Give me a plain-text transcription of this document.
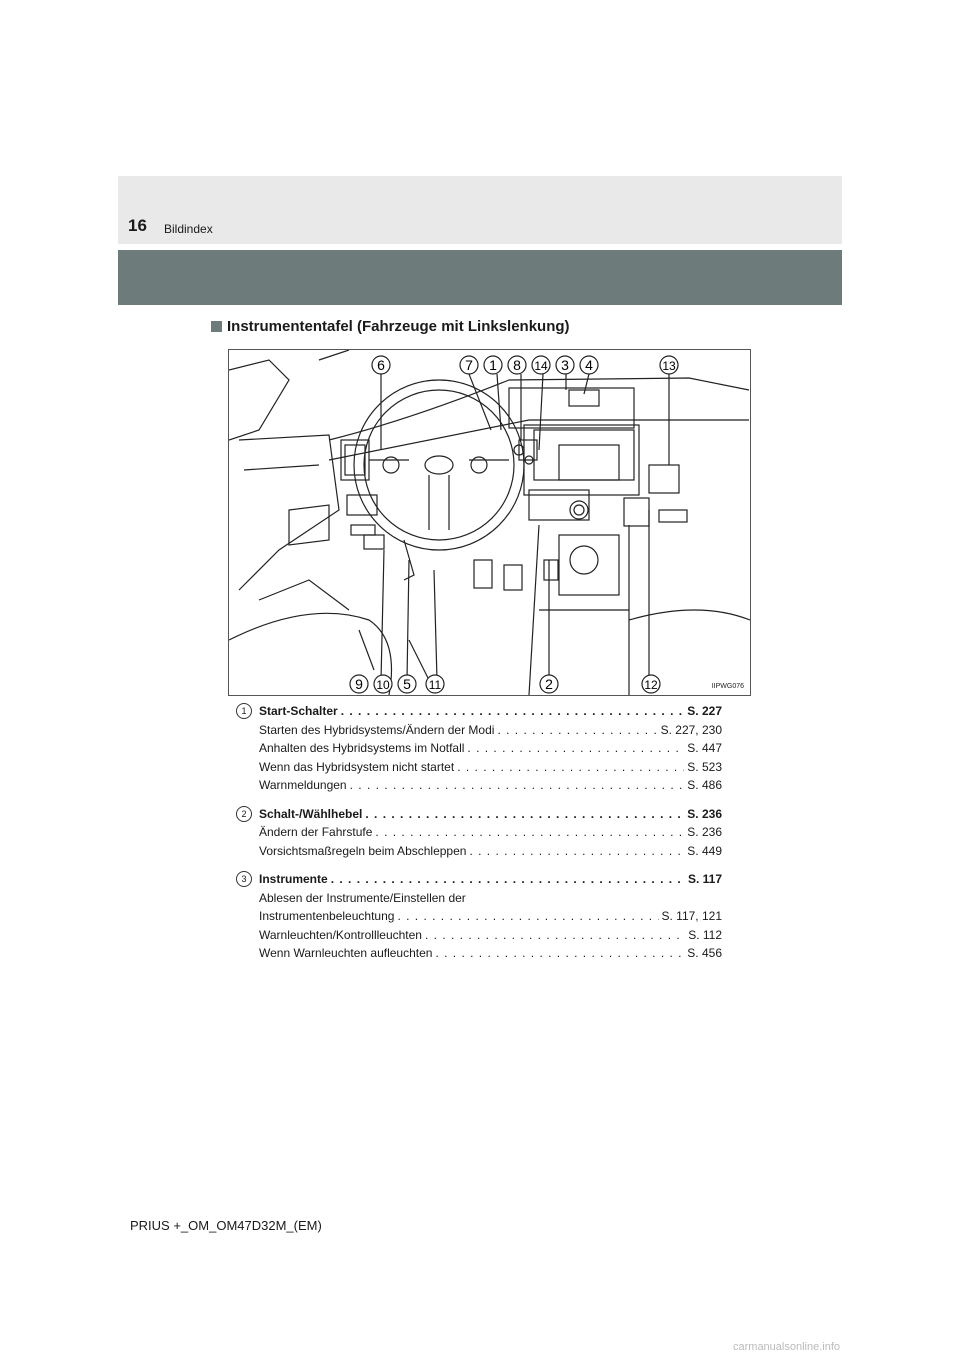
16 Bildindex
Instrumententafel (Fahrzeuge mit Linkslenkung)
6	7 1 8 14 3 4	13
9 10 5 11	2	12	IIPWG076
1	Start-Schalter . . .	S. 227
Starten des Hybridsystems/Ändern der Modi . . .	S. 227, 230
Anhalten des Hybridsystems im Notfall . . .	S. 447
Wenn das Hybridsystem nicht startet . . .	S. 523
Warnmeldungen . . .	S. 486
2	Schalt-/Wählhebel . . .	S. 236
Ändern der Fahrstufe . . .	S. 236
Vorsichtsmaßregeln beim Abschleppen . . .	S. 449
3	Instrumente . . .	S. 117
Ablesen der Instrumente/Einstellen der
Instrumentenbeleuchtung . . .	S. 117, 121
Warnleuchten/Kontrollleuchten . . .	S. 112
Wenn Warnleuchten aufleuchten . . .	S. 456
PRIUS +_OM_OM47D32M_(EM)
carmanualsonline.info
